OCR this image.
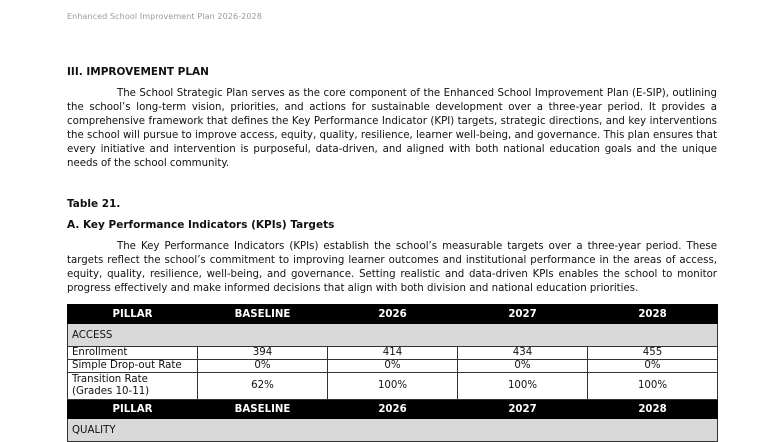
Enhanced School Improvement Plan 2026-2028
III. IMPROVEMENT PLAN

The School Strategic Plan serves as the core component of the Enhanced School Improvement Plan (E-SIP), outlining the school’s long-term vision, priorities, and actions for sustainable development over a three-year period. It provides a comprehensive framework that defines the Key Performance Indicator (KPI) targets, strategic directions, and key interventions the school will pursue to improve access, equity, quality, resilience, learner well-being, and governance. This plan ensures that every initiative and intervention is purposeful, data-driven, and aligned with both national education goals and the unique needs of the school community.

Table 21.
A. Key Performance Indicators (KPIs) Targets

The Key Performance Indicators (KPIs) establish the school’s measurable targets over a three-year period. These targets reflect the school’s commitment to improving learner outcomes and institutional performance in the areas of access, equity, quality, resilience, well-being, and governance. Setting realistic and data-driven KPIs enables the school to monitor progress effectively and make informed decisions that align with both division and national education priorities.

PILLAR	BASELINE	2026	2027	2028
ACCESS				
Enrollment	394	414	434	455
Simple Drop-out Rate	0%	0%	0%	0%
Transition Rate
(Grades 10-11)	62%	100%	100%	100%
PILLAR	BASELINE	2026	2027	2028
QUALITY				
